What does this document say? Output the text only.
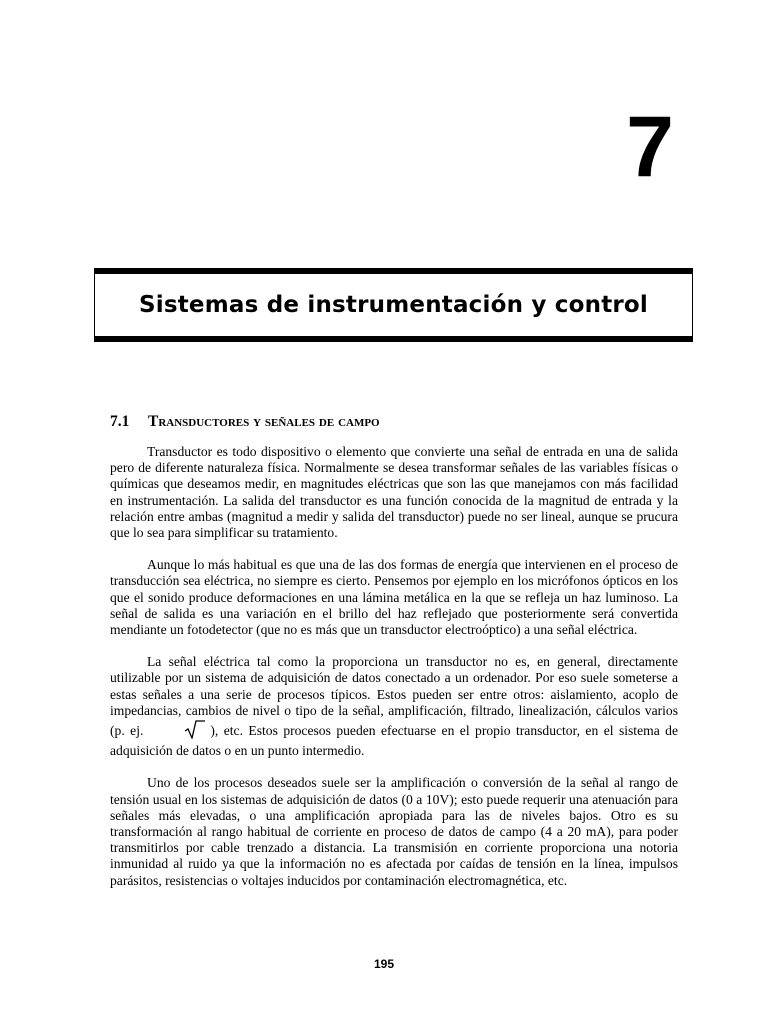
7
Sistemas de instrumentación y control
7.1 Transductores y señales de campo

Transductor es todo dispositivo o elemento que convierte una señal de entrada en una de salida pero de diferente naturaleza física. Normalmente se desea transformar señales de las variables físicas o químicas que deseamos medir, en magnitudes eléctricas que son las que manejamos con más facilidad en instrumentación. La salida del transductor es una función conocida de la magnitud de entrada y la relación entre ambas (magnitud a medir y salida del transductor) puede no ser lineal, aunque se prucura que lo sea para simplificar su tratamiento.

Aunque lo más habitual es que una de las dos formas de energía que intervienen en el proceso de transducción sea eléctrica, no siempre es cierto. Pensemos por ejemplo en los micrófonos ópticos en los que el sonido produce deformaciones en una lámina metálica en la que se refleja un haz luminoso. La señal de salida es una variación en el brillo del haz reflejado que posteriormente será convertida mendiante un fotodetector (que no es más que un transductor electroóptico) a una señal eléctrica.

La señal eléctrica tal como la proporciona un transductor no es, en general, directamente utilizable por un sistema de adquisición de datos conectado a un ordenador. Por eso suele someterse a estas señales a una serie de procesos típicos. Estos pueden ser entre otros: aislamiento, acoplo de impedancias, cambios de nivel o tipo de la señal, amplificación, filtrado, linealización, cálculos varios (p. ej.	), etc. Estos procesos pueden efectuarse en el propio transductor, en el sistema de adquisición de datos o en un punto intermedio.

Uno de los procesos deseados suele ser la amplificación o conversión de la señal al rango de tensión usual en los sistemas de adquisición de datos (0 a 10V); esto puede requerir una atenuación para señales más elevadas, o una amplificación apropiada para las de niveles bajos. Otro es su transformación al rango habitual de corriente en proceso de datos de campo (4 a 20 mA), para poder transmitirlos por cable trenzado a distancia. La transmisión en corriente proporciona una notoria inmunidad al ruido ya que la información no es afectada por caídas de tensión en la línea, impulsos parásitos, resistencias o voltajes inducidos por contaminación electromagnética, etc.

195
